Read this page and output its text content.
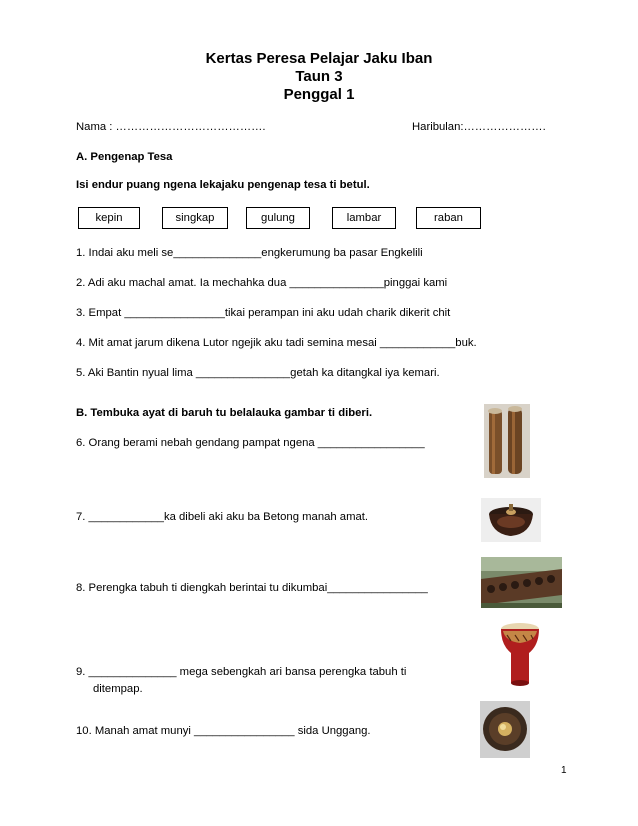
Kertas Peresa Pelajar Jaku Iban
Taun 3
Penggal 1
Nama : ………………………………….	Haribulan:………………….
A. Pengenap Tesa
Isi endur puang ngena lekajaku pengenap tesa ti betul.
kepin	singkap	gulung	lambar	raban
1. Indai aku meli se______________engkerumung ba pasar Engkelili
2. Adi aku machal amat. Ia mechahka dua _______________pinggai kami
3. Empat ________________tikai perampan ini aku udah charik dikerit chit
4. Mit amat jarum dikena Lutor ngejik aku tadi semina mesai ____________buk.
5. Aki Bantin nyual lima _______________getah ka ditangkal iya kemari.
B. Tembuka ayat di baruh tu belalauka gambar ti diberi.
6. Orang berami nebah gendang pampat ngena _________________
7. ____________ka dibeli aki aku ba Betong manah amat.
8. Perengka tabuh ti diengkah berintai tu dikumbai________________
9. ______________ mega sebengkah ari bansa perengka tabuh ti
ditempap.
10. Manah amat munyi ________________ sida Unggang.
1
